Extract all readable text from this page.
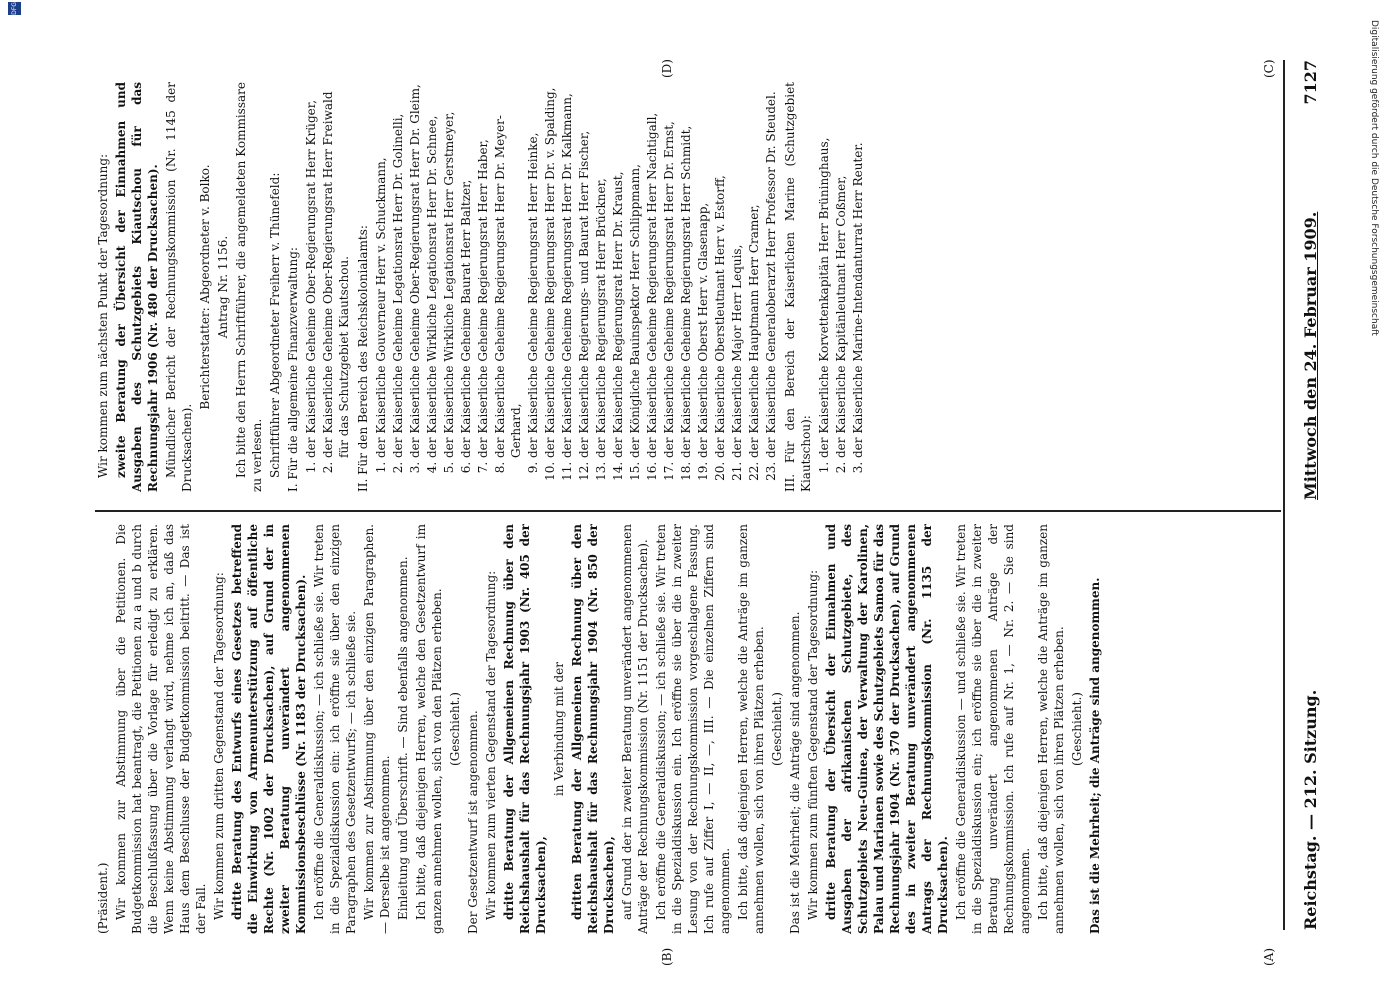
Reichstag. — 212. Sitzung.
Mittwoch den 24. Februar 1909.
7127
(A)
(B)
(C)
(D)

(Präsident.) Wir kommen zur Abstimmung über die Petitionen. Die Budgetkommission hat beantragt, die Petitionen zu a und b durch die Beschlußfassung über die Vorlage für erledigt zu erklären. Wenn keine Abstimmung verlangt wird, nehme ich an, daß das Haus dem Beschlusse der Budgetkommission beitritt. — Das ist der Fall. Wir kommen zum dritten Gegenstand der Tagesordnung: dritte Beratung des Entwurfs eines Gesetzes betreffend die Einwirkung von Armenunterstützung auf öffentliche Rechte (Nr. 1002 der Drucksachen), auf Grund der in zweiter Beratung unverändert angenommenen Kommissionsbeschlüsse (Nr. 1183 der Drucksachen). Ich eröffne die Generaldiskussion; — ich schließe sie. Wir treten in die Spezialdiskussion ein: ich eröffne sie über den einzigen Paragraphen des Gesetzentwurfs; — ich schließe sie. Wir kommen zur Abstimmung über den einzigen Paragraphen. — Derselbe ist angenommen. Einleitung und Überschrift. — Sind ebenfalls angenommen. Ich bitte, daß diejenigen Herren, welche den Gesetzentwurf im ganzen annehmen wollen, sich von den Plätzen erheben. (Geschieht.) Der Gesetzentwurf ist angenommen. Wir kommen zum vierten Gegenstand der Tagesordnung: dritte Beratung der Allgemeinen Rechnung über den Reichshaushalt für das Rechnungsjahr 1903 (Nr. 405 der Drucksachen),

in Verbindung mit der dritten Beratung der Allgemeinen Rechnung über den Reichshaushalt für das Rechnungsjahr 1904 (Nr. 850 der Drucksachen), auf Grund der in zweiter Beratung unverändert angenommenen Anträge der Rechnungskommission (Nr. 1151 der Drucksachen). Ich eröffne die Generaldiskussion; — ich schließe sie. Wir treten in die Spezialdiskussion ein. Ich eröffne sie über die in zweiter Lesung von der Rechnungskommission vorgeschlagene Fassung. Ich rufe auf Ziffer I, — II, —, III. — Die einzelnen Ziffern sind angenommen. Ich bitte, daß diejenigen Herren, welche die Anträge im ganzen annehmen wollen, sich von ihren Plätzen erheben. (Geschieht.) Das ist die Mehrheit; die Anträge sind angenommen. Wir kommen zum fünften Gegenstand der Tagesordnung: dritte Beratung der Übersicht der Einnahmen und Ausgaben der afrikanischen Schutzgebiete, des Schutzgebiets Neu-Guinea, der Verwaltung der Karolinen, Palau und Marianen sowie des Schutzgebiets Samoa für das Rechnungsjahr 1904 (Nr. 370 der Drucksachen), auf Grund des in zweiter Beratung unverändert angenommenen Antrags der Rechnungskommission (Nr. 1135 der Drucksachen). Ich eröffne die Generaldiskussion — und schließe sie. Wir treten in die Spezialdiskussion ein; ich eröffne sie über die in zweiter Beratung unverändert angenommenen Anträge der Rechnungskommission. Ich rufe auf Nr. 1, — Nr. 2. — Sie sind angenommen. Ich bitte, daß diejenigen Herren, welche die Anträge im ganzen annehmen wollen, sich von ihren Plätzen erheben. (Geschieht.) Das ist die Mehrheit; die Anträge sind angenommen.

Wir kommen zum nächsten Punkt der Tagesordnung: zweite Beratung der Übersicht der Einnahmen und Ausgaben des Schutzgebiets Kiautschou für das Rechnungsjahr 1906 (Nr. 480 der Drucksachen). Mündlicher Bericht der Rechnungskommission (Nr. 1145 der Drucksachen).

Berichterstatter: Abgeordneter v. Bolko. Antrag Nr. 1156. Ich bitte den Herrn Schriftführer, die angemeldeten Kommissare zu verlesen. Schriftführer Abgeordneter Freiherr v. Thünefeld: I. Für die allgemeine Finanzverwaltung: 1. der Kaiserliche Geheime Ober-Regierungsrat Herr Krüger, 2. der Kaiserliche Geheime Ober-Regierungsrat Herr Freiwald für das Schutzgebiet Kiautschou. II. Für den Bereich des Reichskolonialamts: 1. der Kaiserliche Gouverneur Herr v. Schuckmann, 2. der Kaiserliche Geheime Legationsrat Herr Dr. Golinelli, 3. der Kaiserliche Geheime Ober-Regierungsrat Herr Dr. Gleim, 4. der Kaiserliche Wirkliche Legationsrat Herr Dr. Schnee, 5. der Kaiserliche Wirkliche Legationsrat Herr Gerstmeyer, 6. der Kaiserliche Geheime Baurat Herr Baltzer, 7. der Kaiserliche Geheime Regierungsrat Herr Haber, 8. der Kaiserliche Geheime Regierungsrat Herr Dr. Meyer-Gerhard, 9. der Kaiserliche Geheime Regierungsrat Herr Heinke, 10. der Kaiserliche Geheime Regierungsrat Herr Dr. v. Spalding, 11. der Kaiserliche Geheime Regierungsrat Herr Dr. Kalkmann, 12. der Kaiserliche Regierungs- und Baurat Herr Fischer, 13. der Kaiserliche Regierungsrat Herr Brückner, 14. der Kaiserliche Regierungsrat Herr Dr. Kraust, 15. der Königliche Bauinspektor Herr Schlippmann, 16. der Kaiserliche Geheime Regierungsrat Herr Nachtigall, 17. der Kaiserliche Geheime Regierungsrat Herr Dr. Ernst, 18. der Kaiserliche Geheime Regierungsrat Herr Schmidt, 19. der Kaiserliche Oberst Herr v. Glasenapp, 20. der Kaiserliche Oberstleutnant Herr v. Estorff, 21. der Kaiserliche Major Herr Lequis, 22. der Kaiserliche Hauptmann Herr Cramer, 23. der Kaiserliche Generaloberarzt Herr Professor Dr. Steudel. III. Für den Bereich der Kaiserlichen Marine (Schutzgebiet Kiautschou): 1. der Kaiserliche Korvettenkapitän Herr Brüninghaus, 2. der Kaiserliche Kapitänleutnant Herr Coßmer, 3. der Kaiserliche Marine-Intendanturrat Herr Reuter.
DFG
Digitalisierung gefördert durch die Deutsche Forschungsgemeinschaft
